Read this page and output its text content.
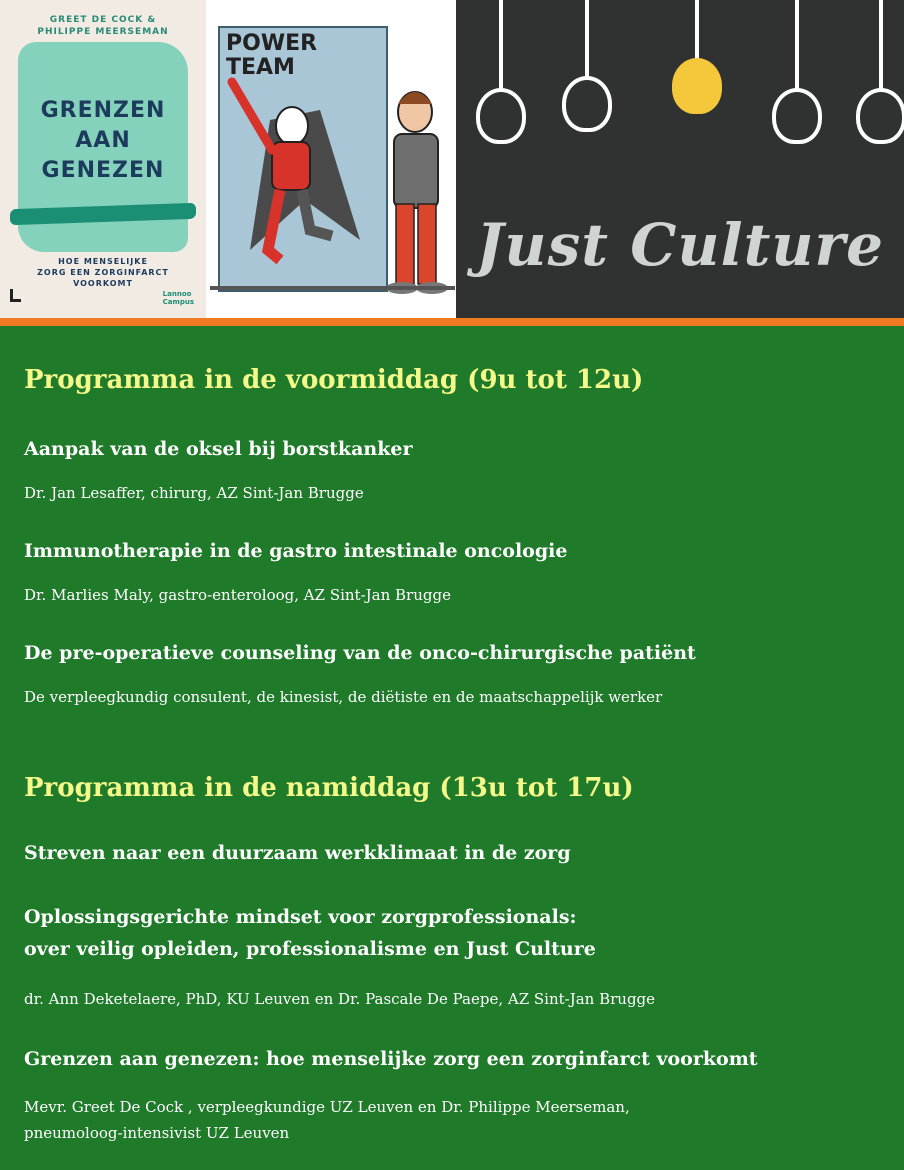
GREET DE COCK &
PHILIPPE MEERSEMAN
GRENZEN
AAN
GENEZEN
HOE MENSELIJKE
ZORG EEN ZORGINFARCT
VOORKOMT
Lannoo
Campus
POWER
TEAM
Just Culture
Programma in de voormiddag (9u tot 12u)

Aanpak van de oksel bij borstkanker

Dr. Jan Lesaffer, chirurg, AZ Sint-Jan Brugge

Immunotherapie in de gastro intestinale oncologie

Dr. Marlies Maly, gastro-enteroloog, AZ Sint-Jan Brugge

De pre-operatieve counseling van de onco-chirurgische patiënt

De verpleegkundig consulent, de kinesist, de diëtiste en de maatschappelijk werker

Programma in de namiddag (13u tot 17u)

Streven naar een duurzaam werkklimaat in de zorg

Oplossingsgerichte mindset voor zorgprofessionals:

over veilig opleiden, professionalisme en Just Culture

dr. Ann Deketelaere, PhD, KU Leuven en Dr. Pascale De Paepe, AZ Sint-Jan Brugge

Grenzen aan genezen: hoe menselijke zorg een zorginfarct voorkomt

Mevr. Greet De Cock , verpleegkundige UZ Leuven en Dr. Philippe Meerseman,

pneumoloog-intensivist UZ Leuven
